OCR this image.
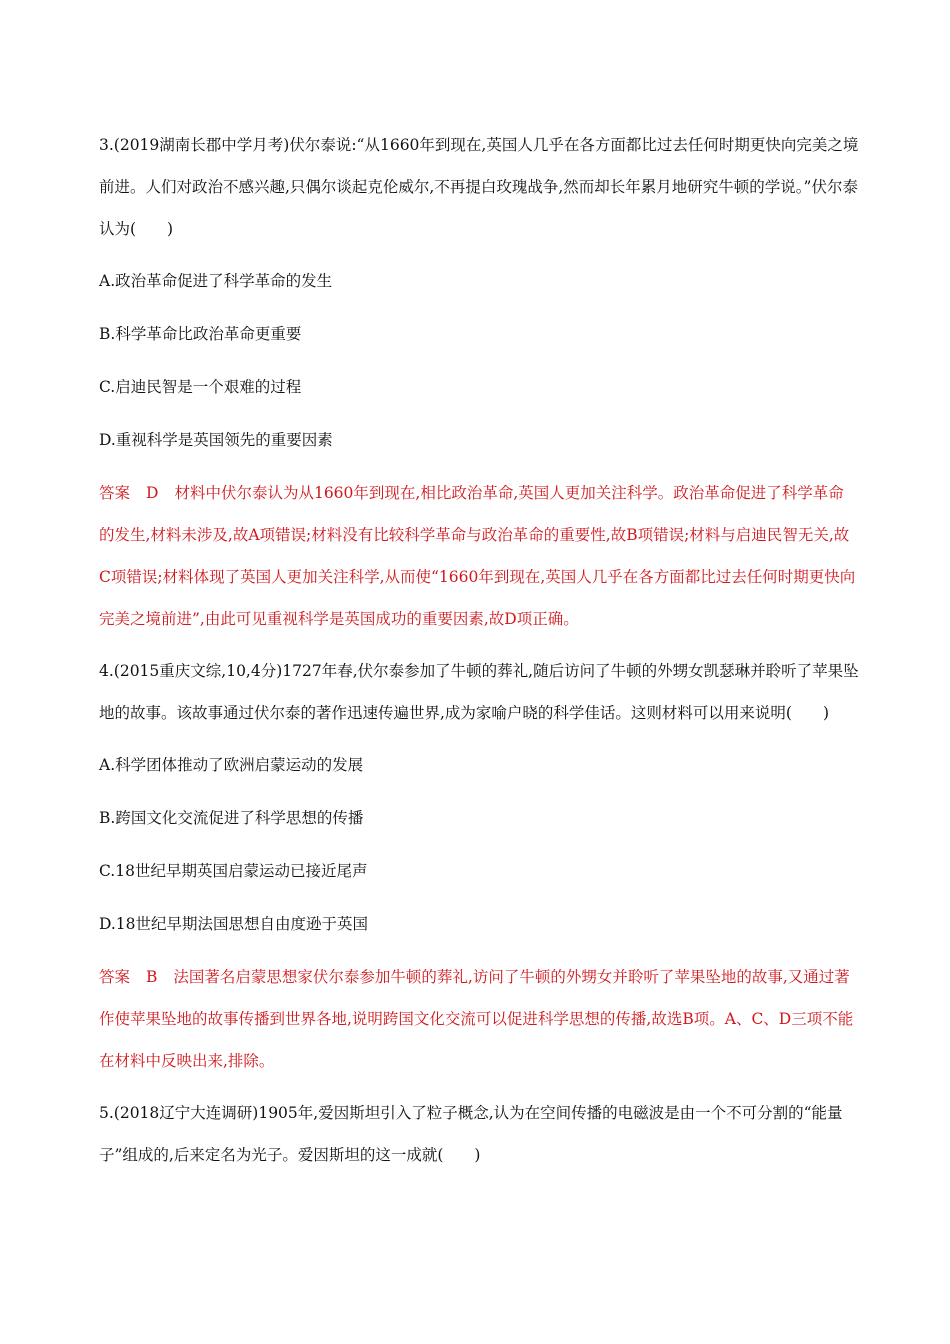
3.(2019湖南长郡中学月考)伏尔泰说:“从1660年到现在,英国人几乎在各方面都比过去任何时期更快向完美之境前进。人们对政治不感兴趣,只偶尔谈起克伦威尔,不再提白玫瑰战争,然而却长年累月地研究牛顿的学说。”伏尔泰认为(　　)

A.政治革命促进了科学革命的发生

B.科学革命比政治革命更重要

C.启迪民智是一个艰难的过程

D.重视科学是英国领先的重要因素

答案 D 材料中伏尔泰认为从1660年到现在,相比政治革命,英国人更加关注科学。政治革命促进了科学革命的发生,材料未涉及,故A项错误;材料没有比较科学革命与政治革命的重要性,故B项错误;材料与启迪民智无关,故C项错误;材料体现了英国人更加关注科学,从而使“1660年到现在,英国人几乎在各方面都比过去任何时期更快向完美之境前进”,由此可见重视科学是英国成功的重要因素,故D项正确。

4.(2015重庆文综,10,4分)1727年春,伏尔泰参加了牛顿的葬礼,随后访问了牛顿的外甥女凯瑟琳并聆听了苹果坠地的故事。该故事通过伏尔泰的著作迅速传遍世界,成为家喻户晓的科学佳话。这则材料可以用来说明(　　)

A.科学团体推动了欧洲启蒙运动的发展

B.跨国文化交流促进了科学思想的传播

C.18世纪早期英国启蒙运动已接近尾声

D.18世纪早期法国思想自由度逊于英国

答案 B 法国著名启蒙思想家伏尔泰参加牛顿的葬礼,访问了牛顿的外甥女并聆听了苹果坠地的故事,又通过著作使苹果坠地的故事传播到世界各地,说明跨国文化交流可以促进科学思想的传播,故选B项。A、C、D三项不能在材料中反映出来,排除。

5.(2018辽宁大连调研)1905年,爱因斯坦引入了粒子概念,认为在空间传播的电磁波是由一个不可分割的“能量子”组成的,后来定名为光子。爱因斯坦的这一成就(　　)
